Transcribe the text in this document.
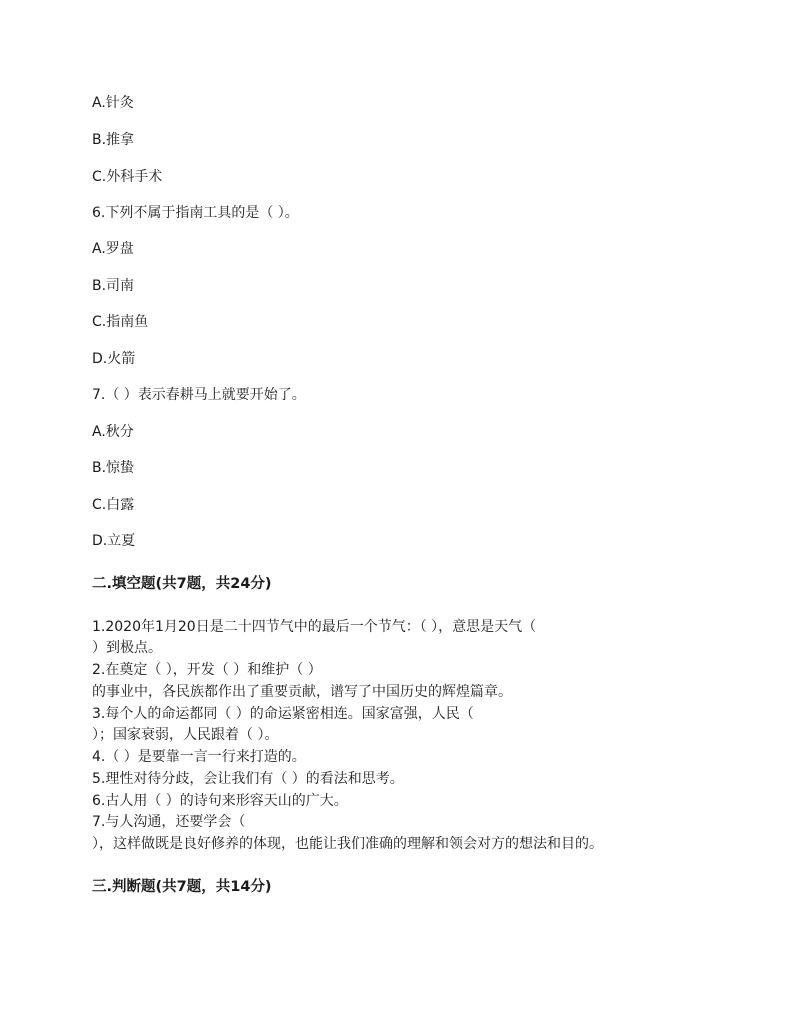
A.针灸
B.推拿
C.外科手术
6.下列不属于指南工具的是（ ）。
A.罗盘
B.司南
C.指南鱼
D.火箭
7.（ ）表示春耕马上就要开始了。
A.秋分
B.惊蛰
C.白露
D.立夏
二.填空题(共7题，共24分)
1.2020年1月20日是二十四节气中的最后一个节气：（ ），意思是天气（
）到极点。
2.在奠定（ ），开发（ ）和维护（ ）
的事业中，各民族都作出了重要贡献，谱写了中国历史的辉煌篇章。
3.每个人的命运都同（ ）的命运紧密相连。国家富强，人民（
）；国家衰弱，人民跟着（ ）。
4.（ ）是要靠一言一行来打造的。
5.理性对待分歧，会让我们有（ ）的看法和思考。
6.古人用（ ）的诗句来形容天山的广大。
7.与人沟通，还要学会（
），这样做既是良好修养的体现，也能让我们准确的理解和领会对方的想法和目的。
三.判断题(共7题，共14分)
